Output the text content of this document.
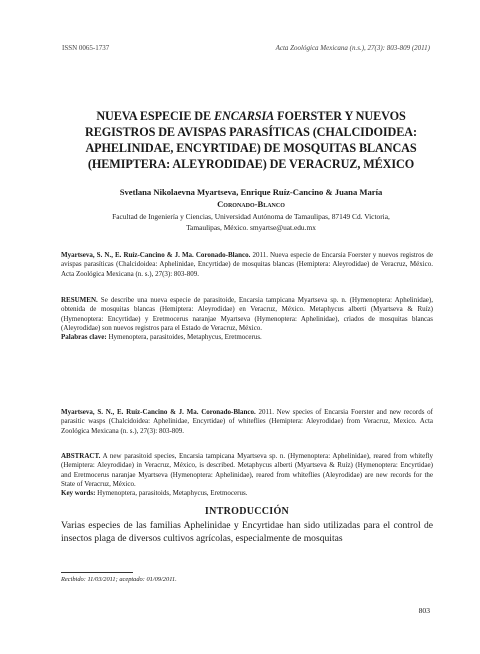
ISSN 0065-1737	Acta Zoológica Mexicana (n.s.), 27(3): 803-809 (2011)
NUEVA ESPECIE DE ENCARSIA FOERSTER Y NUEVOS REGISTROS DE AVISPAS PARASÍTICAS (CHALCIDOIDEA: APHELINIDAE, ENCYRTIDAE) DE MOSQUITAS BLANCAS (HEMIPTERA: ALEYRODIDAE) DE VERACRUZ, MÉXICO
Svetlana Nikolaevna Myartseva, Enrique Ruíz-Cancino & Juana María
Coronado-Blanco
Facultad de Ingeniería y Ciencias, Universidad Autónoma de Tamaulipas, 87149 Cd. Victoria,
Tamaulipas, México. smyartse@uat.edu.mx

Myartseva, S. N., E. Ruíz-Cancino & J. Ma. Coronado-Blanco. 2011. Nueva especie de Encarsia Foerster y nuevos registros de avispas parasíticas (Chalcidoidea: Aphelinidae, Encyrtidae) de mosquitas blancas (Hemiptera: Aleyrodidae) de Veracruz, México. Acta Zoológica Mexicana (n. s.), 27(3): 803-809.

RESUMEN. Se describe una nueva especie de parasitoide, Encarsia tampicana Myartseva sp. n. (Hymenoptera: Aphelinidae), obtenida de mosquitas blancas (Hemiptera: Aleyrodidae) en Veracruz, México. Metaphycus alberti (Myartseva & Ruíz) (Hymenoptera: Encyrtidae) y Eretmocerus naranjae Myartseva (Hymenoptera: Aphelinidae), criados de mosquitas blancas (Aleyrodidae) son nuevos registros para el Estado de Veracruz, México.

Palabras clave: Hymenoptera, parasitoides, Metaphycus, Eretmocerus.

Myartseva, S. N., E. Ruíz-Cancino & J. Ma. Coronado-Blanco. 2011. New species of Encarsia Foerster and new records of parasitic wasps (Chalcidoidea: Aphelinidae, Encyrtidae) of whiteflies (Hemiptera: Aleyrodidae) from Veracruz, Mexico. Acta Zoológica Mexicana (n. s.), 27(3): 803-809.

ABSTRACT. A new parasitoid species, Encarsia tampicana Myartseva sp. n. (Hymenoptera: Aphelinidae), reared from whitefly (Hemiptera: Aleyrodidae) in Veracruz, México, is described. Metaphycus alberti (Myartseva & Ruíz) (Hymenoptera: Encyrtidae) and Eretmocerus naranjae Myartseva (Hymenoptera: Aphelinidae), reared from whiteflies (Aleyrodidae) are new records for the State of Veracruz, México.

Key words: Hymenoptera, parasitoids, Metaphycus, Eretmocerus.

INTRODUCCIÓN
Varias especies de las familias Aphelinidae y Encyrtidae han sido utilizadas para el control de insectos plaga de diversos cultivos agrícolas, especialmente de mosquitas
Recibido: 11/03/2011; aceptado: 01/09/2011.
803
